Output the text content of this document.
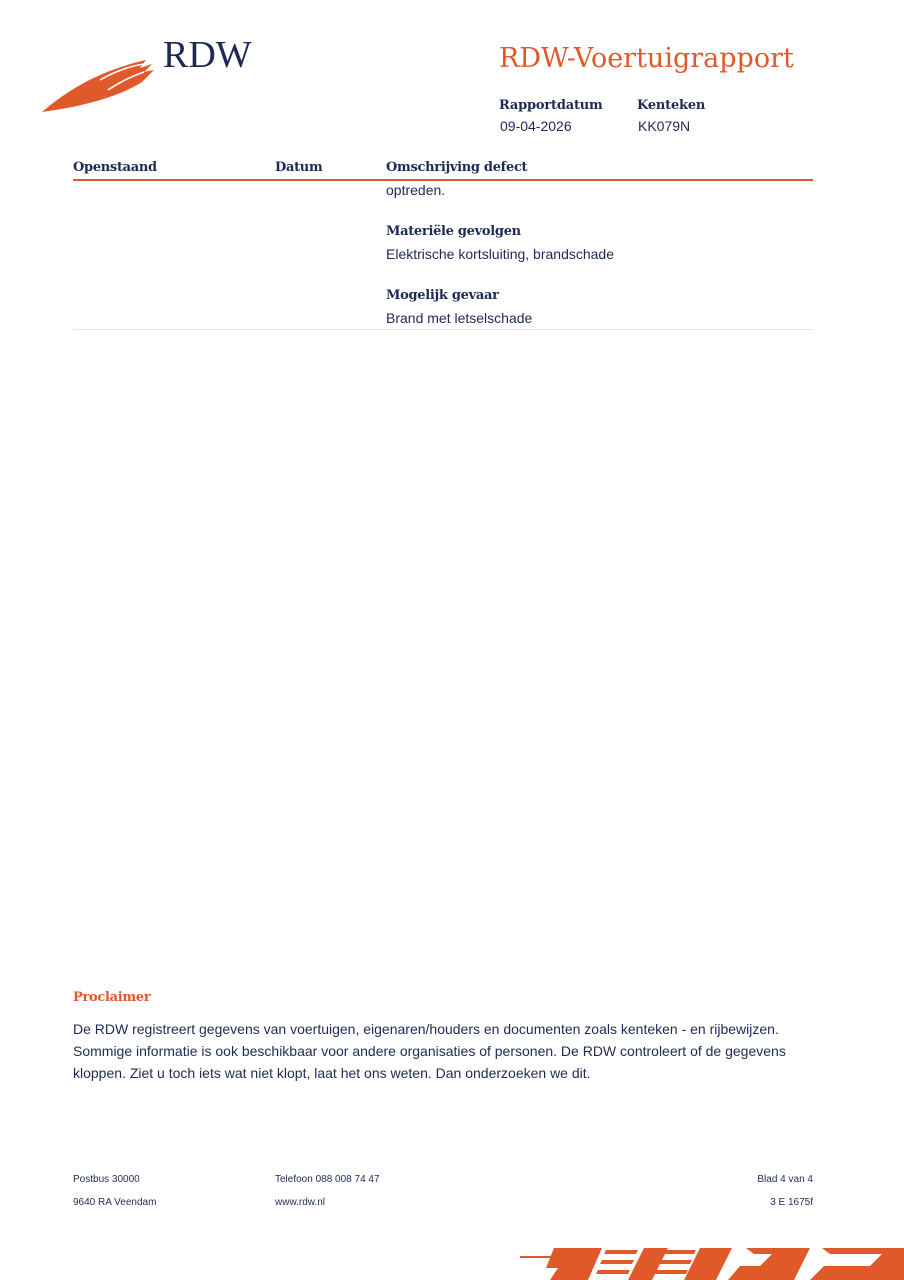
RDW	RDW-Voertuigrapport
Rapportdatum
09-04-2026
Kenteken
KK079N
Openstaand	Datum	Omschrijving defect
optreden.
Materiële gevolgen
Elektrische kortsluiting, brandschade
Mogelijk gevaar
Brand met letselschade
Proclaimer
De RDW registreert gegevens van voertuigen, eigenaren/houders en documenten zoals kenteken - en rijbewijzen.
Sommige informatie is ook beschikbaar voor andere organisaties of personen. De RDW controleert of de gegevens
kloppen. Ziet u toch iets wat niet klopt, laat het ons weten. Dan onderzoeken we dit.
Postbus 30000
9640 RA Veendam
Telefoon 088 008 74 47
www.rdw.nl
Blad 4 van 4
3 E 1675f
